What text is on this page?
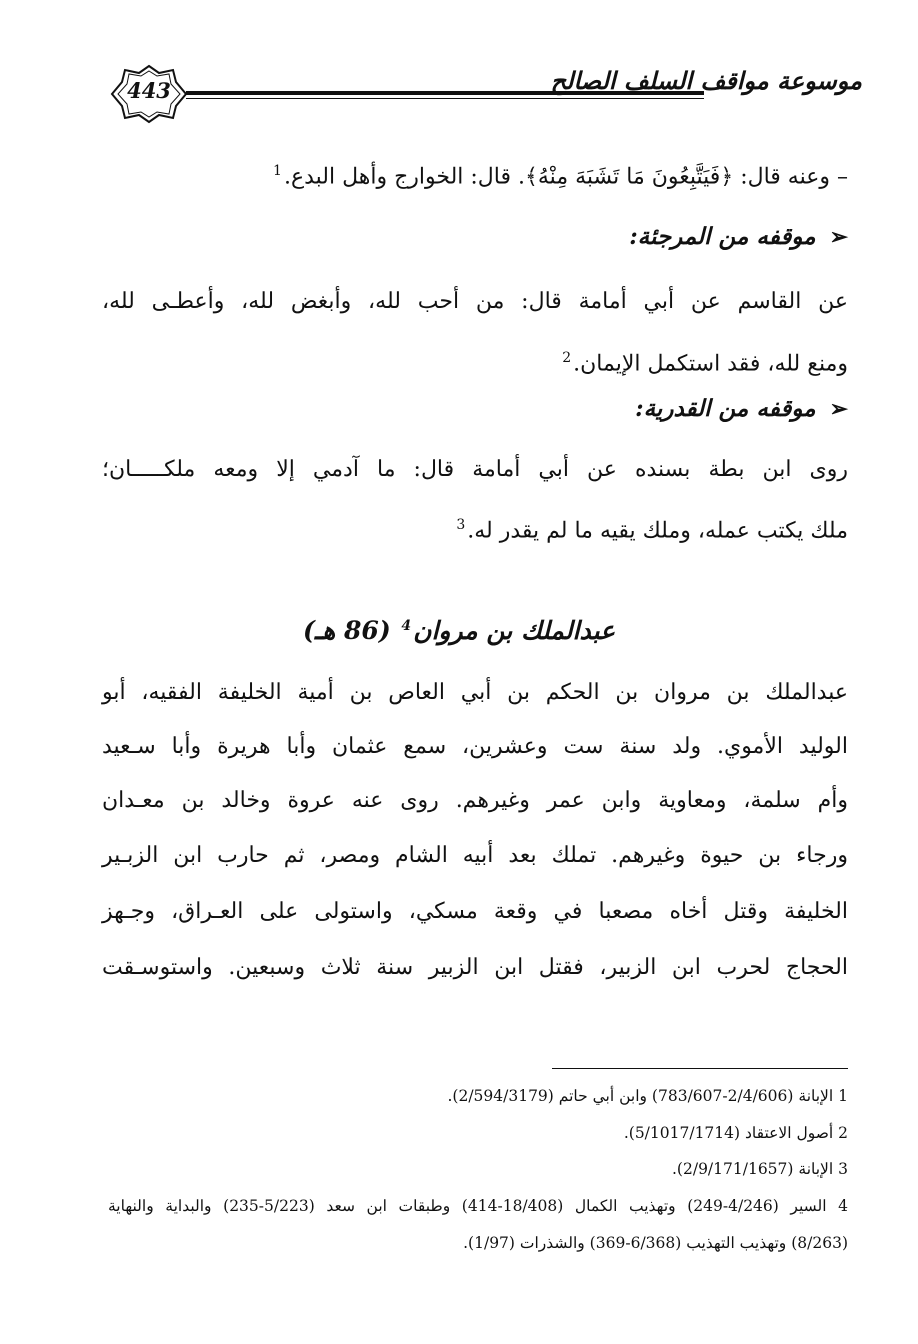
443	موسوعة مواقف السلف الصالح
– وعنه قال: ﴿فَيَتَّبِعُونَ مَا تَشَبَهَ مِنْهُ﴾. قال: الخوارج وأهل البدع.$^1$
➢موقفه من المرجئة:
عن القاسم عن أبي أمامة قال: من أحب لله، وأبغض لله، وأعطـى لله،
ومنع لله، فقد استكمل الإيمان.$^2$
➢موقفه من القدرية:
روى ابن بطة بسنده عن أبي أمامة قال: ما آدمي إلا ومعه ملكـــــان؛
ملك يكتب عمله، وملك يقيه ما لم يقدر له.$^3$
عبدالملك بن مروان$^4$ (86 هـ)
عبدالملك بن مروان بن الحكم بن أبي العاص بن أمية الخليفة الفقيه، أبو
الوليد الأموي. ولد سنة ست وعشرين، سمع عثمان وأبا هريرة وأبا سـعيد
وأم سلمة، ومعاوية وابن عمر وغيرهم. روى عنه عروة وخالد بن معـدان
ورجاء بن حيوة وغيرهم. تملك بعد أبيه الشام ومصر، ثم حارب ابن الزبـير
الخليفة وقتل أخاه مصعبا في وقعة مسكي، واستولى على العـراق، وجـهز
الحجاج لحرب ابن الزبير، فقتل ابن الزبير سنة ثلاث وسبعين. واستوسـقت
1 الإبانة (2/4/606-783/607) وابن أبي حاتم (2/594/3179).
2 أصول الاعتقاد (5/1017/1714).
3 الإبانة (2/9/171/1657).
4 السير (4/246-249) وتهذيب الكمال (18/408-414) وطبقات ابن سعد (5/223-235) والبداية والنهاية
(8/263) وتهذيب التهذيب (6/368-369) والشذرات (1/97).
